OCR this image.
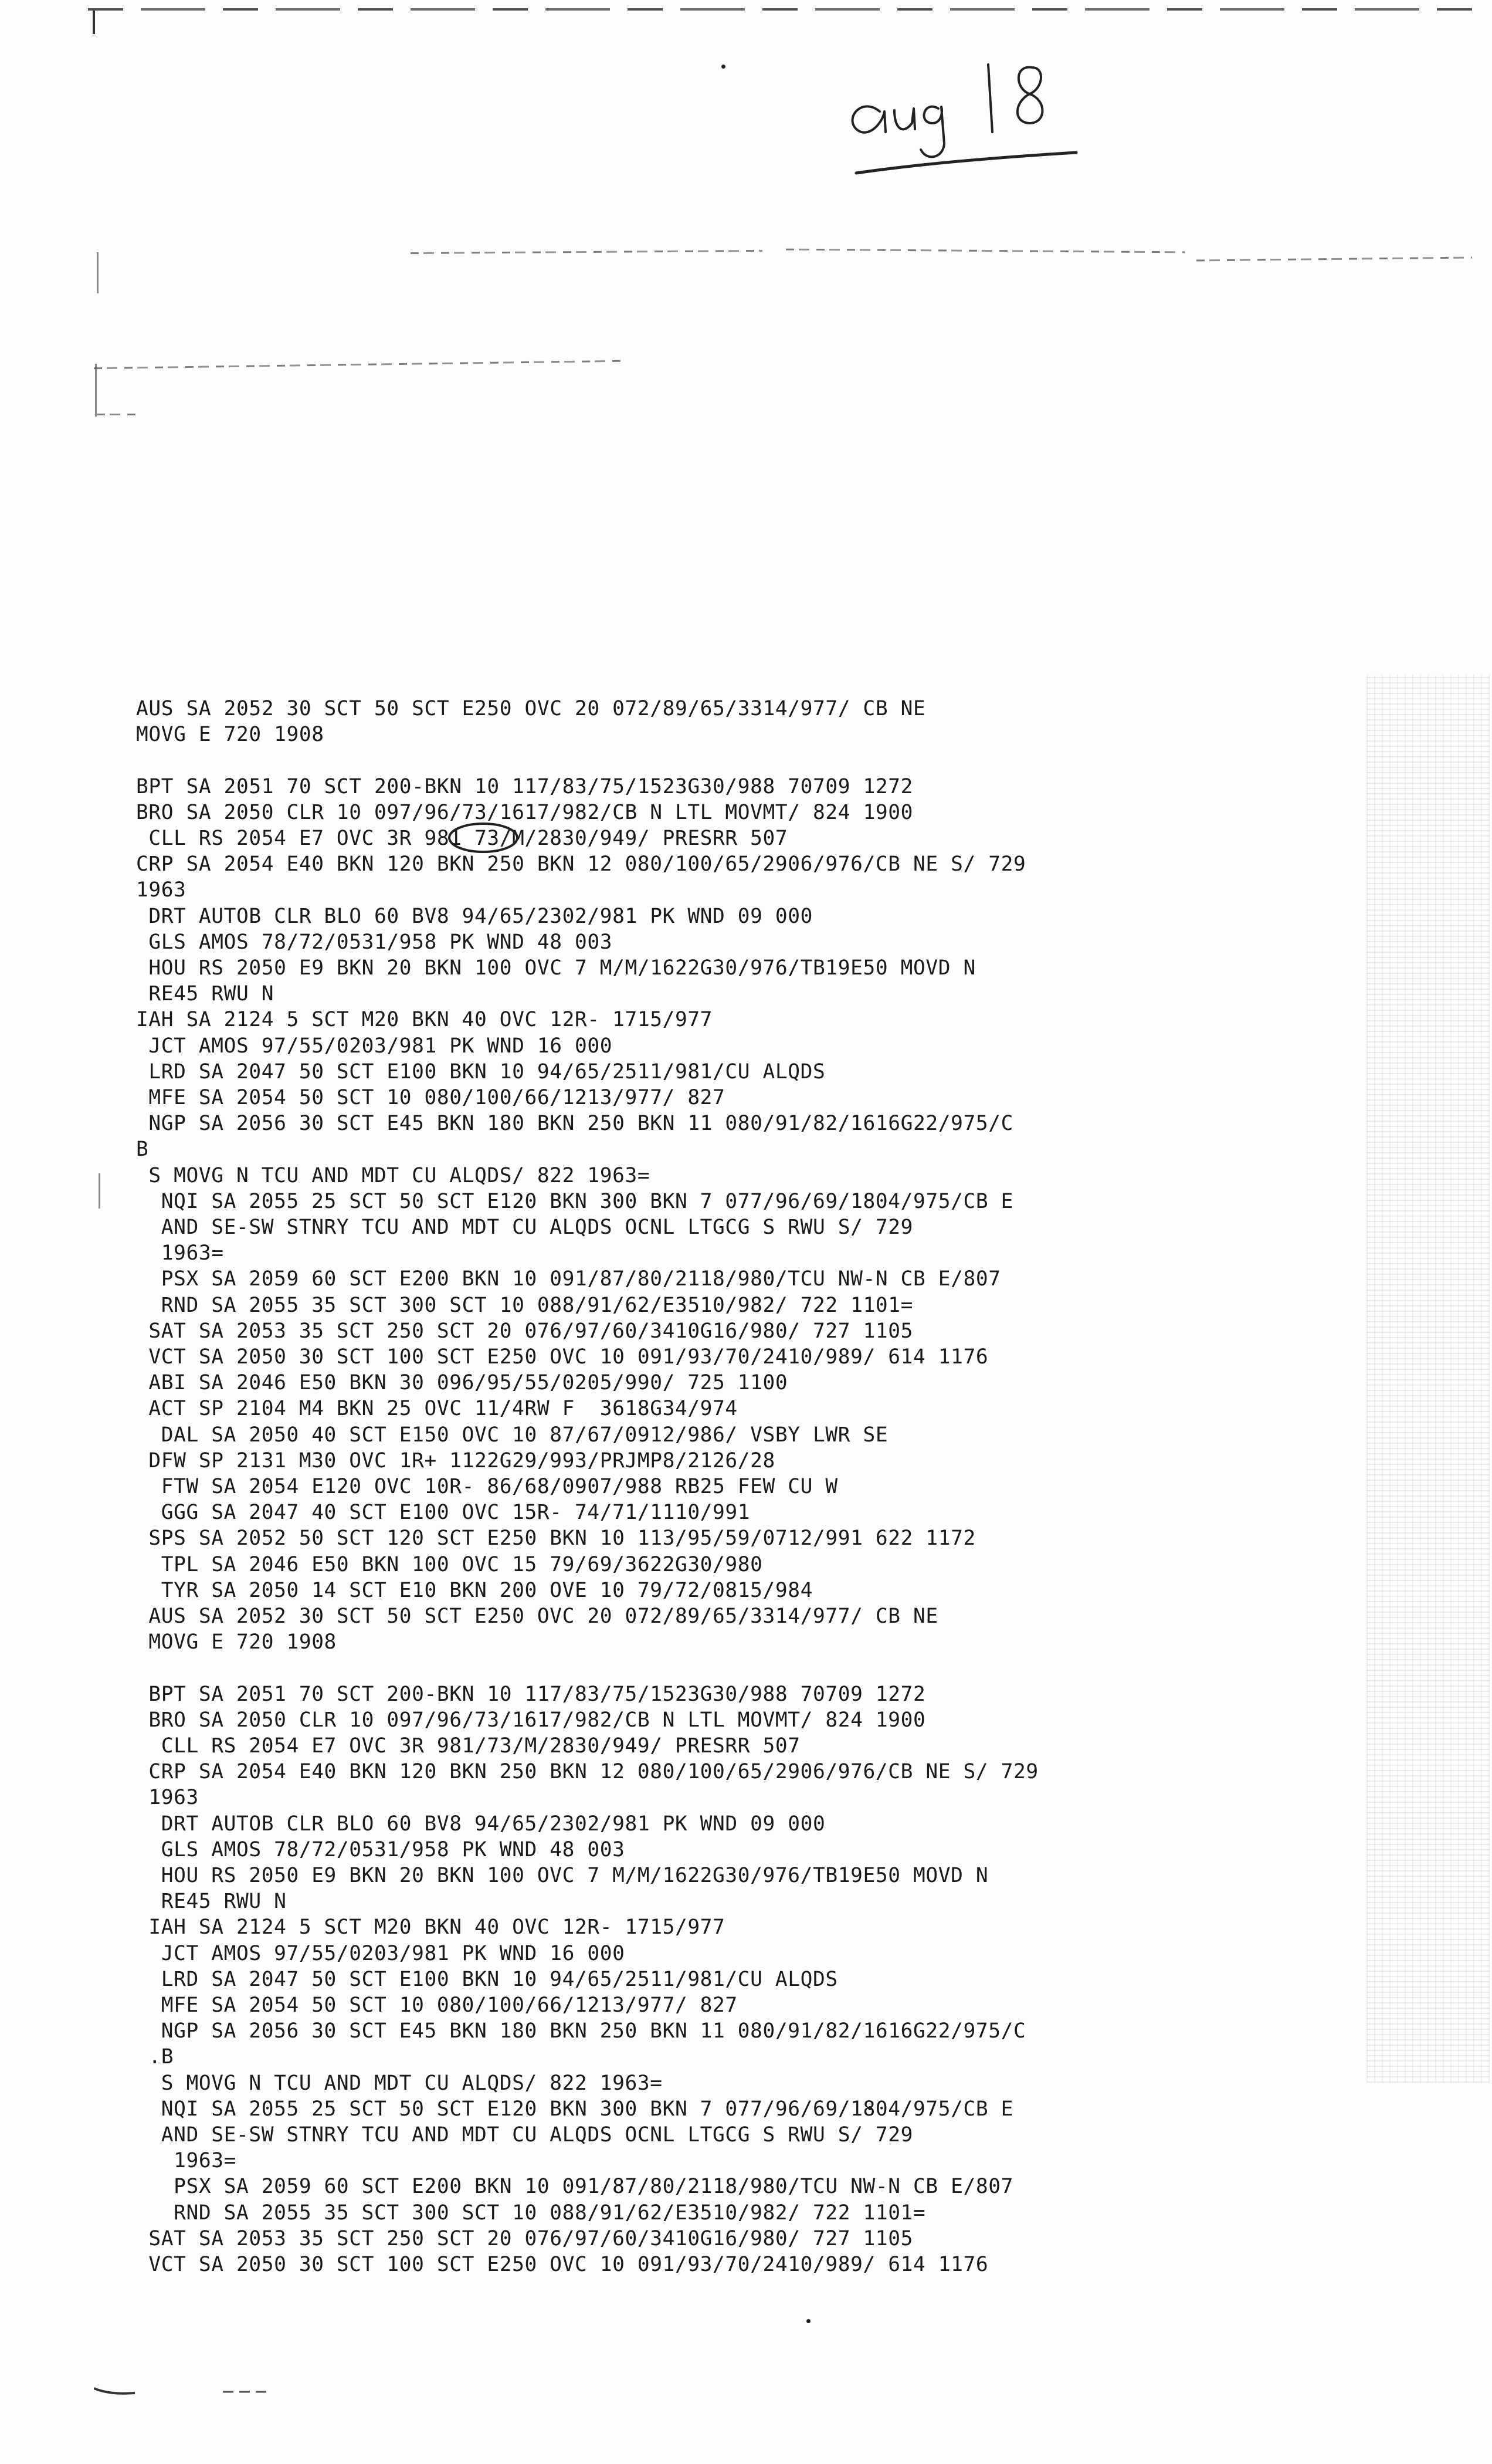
AUS SA 2052 30 SCT 50 SCT E250 OVC 20 072/89/65/3314/977/ CB NE
MOVG E 720 1908
BPT SA 2051 70 SCT 200-BKN 10 117/83/75/1523G30/988 70709 1272
BRO SA 2050 CLR 10 097/96/73/1617/982/CB N LTL MOVMT/ 824 1900
CLL RS 2054 E7 OVC 3R 981 73/M/2830/949/ PRESRR 507
CRP SA 2054 E40 BKN 120 BKN 250 BKN 12 080/100/65/2906/976/CB NE S/ 729
1963
DRT AUTOB CLR BLO 60 BV8 94/65/2302/981 PK WND 09 000
GLS AMOS 78/72/0531/958 PK WND 48 003
HOU RS 2050 E9 BKN 20 BKN 100 OVC 7 M/M/1622G30/976/TB19E50 MOVD N
RE45 RWU N
IAH SA 2124 5 SCT M20 BKN 40 OVC 12R- 1715/977
JCT AMOS 97/55/0203/981 PK WND 16 000
LRD SA 2047 50 SCT E100 BKN 10 94/65/2511/981/CU ALQDS
MFE SA 2054 50 SCT 10 080/100/66/1213/977/ 827
NGP SA 2056 30 SCT E45 BKN 180 BKN 250 BKN 11 080/91/82/1616G22/975/C
B
S MOVG N TCU AND MDT CU ALQDS/ 822 1963=
NQI SA 2055 25 SCT 50 SCT E120 BKN 300 BKN 7 077/96/69/1804/975/CB E
AND SE-SW STNRY TCU AND MDT CU ALQDS OCNL LTGCG S RWU S/ 729
1963=
PSX SA 2059 60 SCT E200 BKN 10 091/87/80/2118/980/TCU NW-N CB E/807
RND SA 2055 35 SCT 300 SCT 10 088/91/62/E3510/982/ 722 1101=
SAT SA 2053 35 SCT 250 SCT 20 076/97/60/3410G16/980/ 727 1105
VCT SA 2050 30 SCT 100 SCT E250 OVC 10 091/93/70/2410/989/ 614 1176
ABI SA 2046 E50 BKN 30 096/95/55/0205/990/ 725 1100
ACT SP 2104 M4 BKN 25 OVC 11/4RW F  3618G34/974
DAL SA 2050 40 SCT E150 OVC 10 87/67/0912/986/ VSBY LWR SE
DFW SP 2131 M30 OVC 1R+ 1122G29/993/PRJMP8/2126/28
FTW SA 2054 E120 OVC 10R- 86/68/0907/988 RB25 FEW CU W
GGG SA 2047 40 SCT E100 OVC 15R- 74/71/1110/991
SPS SA 2052 50 SCT 120 SCT E250 BKN 10 113/95/59/0712/991 622 1172
TPL SA 2046 E50 BKN 100 OVC 15 79/69/3622G30/980
TYR SA 2050 14 SCT E10 BKN 200 OVE 10 79/72/0815/984
AUS SA 2052 30 SCT 50 SCT E250 OVC 20 072/89/65/3314/977/ CB NE
MOVG E 720 1908
BPT SA 2051 70 SCT 200-BKN 10 117/83/75/1523G30/988 70709 1272
BRO SA 2050 CLR 10 097/96/73/1617/982/CB N LTL MOVMT/ 824 1900
CLL RS 2054 E7 OVC 3R 981/73/M/2830/949/ PRESRR 507
CRP SA 2054 E40 BKN 120 BKN 250 BKN 12 080/100/65/2906/976/CB NE S/ 729
1963
DRT AUTOB CLR BLO 60 BV8 94/65/2302/981 PK WND 09 000
GLS AMOS 78/72/0531/958 PK WND 48 003
HOU RS 2050 E9 BKN 20 BKN 100 OVC 7 M/M/1622G30/976/TB19E50 MOVD N
RE45 RWU N
IAH SA 2124 5 SCT M20 BKN 40 OVC 12R- 1715/977
JCT AMOS 97/55/0203/981 PK WND 16 000
LRD SA 2047 50 SCT E100 BKN 10 94/65/2511/981/CU ALQDS
MFE SA 2054 50 SCT 10 080/100/66/1213/977/ 827
NGP SA 2056 30 SCT E45 BKN 180 BKN 250 BKN 11 080/91/82/1616G22/975/C
.B
S MOVG N TCU AND MDT CU ALQDS/ 822 1963=
NQI SA 2055 25 SCT 50 SCT E120 BKN 300 BKN 7 077/96/69/1804/975/CB E
AND SE-SW STNRY TCU AND MDT CU ALQDS OCNL LTGCG S RWU S/ 729
1963=
PSX SA 2059 60 SCT E200 BKN 10 091/87/80/2118/980/TCU NW-N CB E/807
RND SA 2055 35 SCT 300 SCT 10 088/91/62/E3510/982/ 722 1101=
SAT SA 2053 35 SCT 250 SCT 20 076/97/60/3410G16/980/ 727 1105
VCT SA 2050 30 SCT 100 SCT E250 OVC 10 091/93/70/2410/989/ 614 1176
